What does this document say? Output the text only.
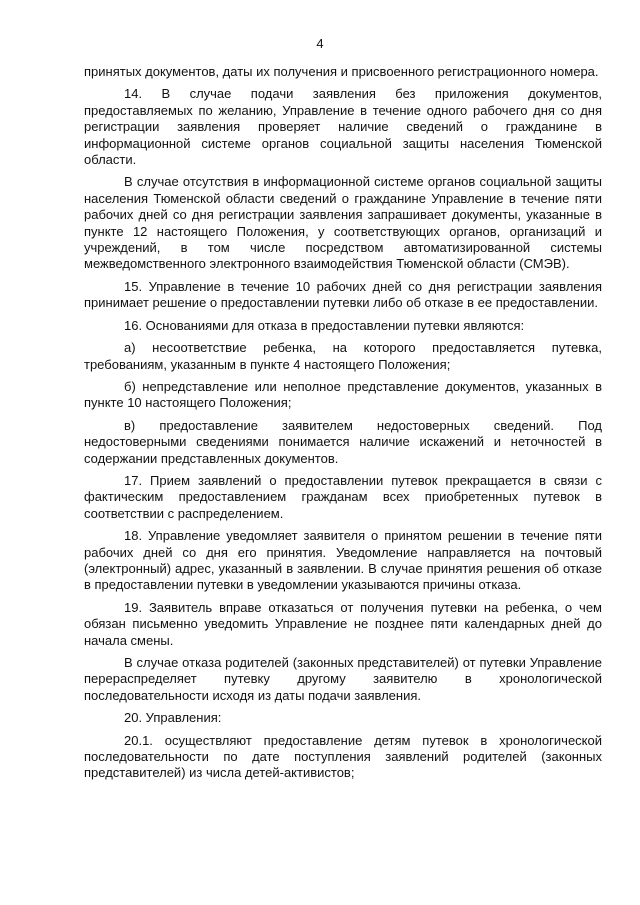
4

принятых документов, даты их получения и присвоенного регистрационного номера.

14. В случае подачи заявления без приложения документов, предоставляемых по желанию, Управление в течение одного рабочего дня со дня регистрации заявления проверяет наличие сведений о гражданине в информационной системе органов социальной защиты населения Тюменской области.

В случае отсутствия в информационной системе органов социальной защиты населения Тюменской области сведений о гражданине Управление в течение пяти рабочих дней со дня регистрации заявления запрашивает документы, указанные в пункте 12 настоящего Положения, у соответствующих органов, организаций и учреждений, в том числе посредством автоматизированной системы межведомственного электронного взаимодействия Тюменской области (СМЭВ).

15. Управление в течение 10 рабочих дней со дня регистрации заявления принимает решение о предоставлении путевки либо об отказе в ее предоставлении.

16. Основаниями для отказа в предоставлении путевки являются:

а) несоответствие ребенка, на которого предоставляется путевка, требованиям, указанным в пункте 4 настоящего Положения;

б) непредставление или неполное представление документов, указанных в пункте 10 настоящего Положения;

в) предоставление заявителем недостоверных сведений. Под недостоверными сведениями понимается наличие искажений и неточностей в содержании представленных документов.

17. Прием заявлений о предоставлении путевок прекращается в связи с фактическим предоставлением гражданам всех приобретенных путевок в соответствии с распределением.

18. Управление уведомляет заявителя о принятом решении в течение пяти рабочих дней со дня его принятия. Уведомление направляется на почтовый (электронный) адрес, указанный в заявлении. В случае принятия решения об отказе в предоставлении путевки в уведомлении указываются причины отказа.

19. Заявитель вправе отказаться от получения путевки на ребенка, о чем обязан письменно уведомить Управление не позднее пяти календарных дней до начала смены.

В случае отказа родителей (законных представителей) от путевки Управление перераспределяет путевку другому заявителю в хронологической последовательности исходя из даты подачи заявления.

20. Управления:

20.1. осуществляют предоставление детям путевок в хронологической последовательности по дате поступления заявлений родителей (законных представителей) из числа детей-активистов;
